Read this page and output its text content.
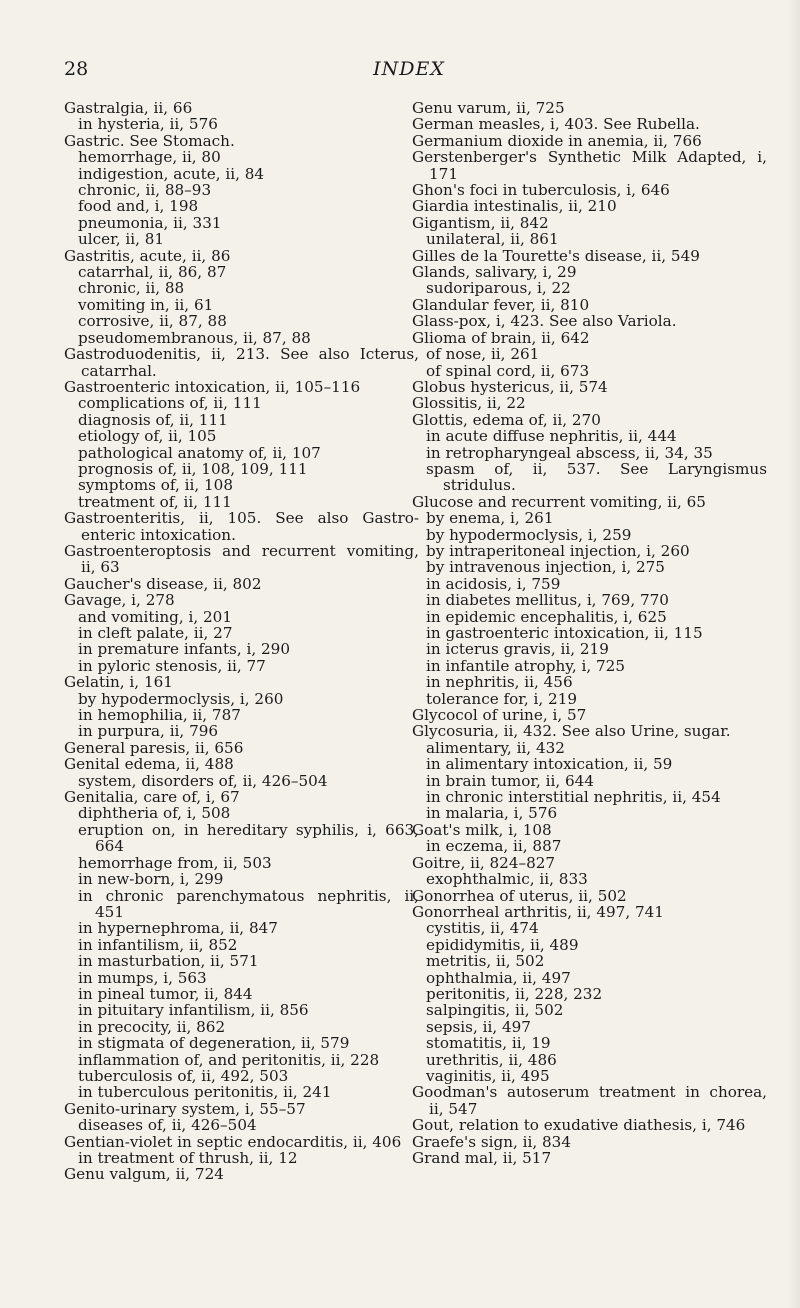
28	INDEX
Gastralgia, ii, 66
in hysteria, ii, 576
Gastric. See Stomach.
hemorrhage, ii, 80
indigestion, acute, ii, 84
chronic, ii, 88–93
food and, i, 198
pneumonia, ii, 331
ulcer, ii, 81
Gastritis, acute, ii, 86
catarrhal, ii, 86, 87
chronic, ii, 88
vomiting in, ii, 61
corrosive, ii, 87, 88
pseudomembranous, ii, 87, 88
Gastroduodenitis, ii, 213. See also Icterus, catarrhal.
Gastroenteric intoxication, ii, 105–116
complications of, ii, 111
diagnosis of, ii, 111
etiology of, ii, 105
pathological anatomy of, ii, 107
prognosis of, ii, 108, 109, 111
symptoms of, ii, 108
treatment of, ii, 111
Gastroenteritis, ii, 105. See also Gastro-enteric intoxication.
Gastroenteroptosis and recurrent vomiting, ii, 63
Gaucher's disease, ii, 802
Gavage, i, 278
and vomiting, i, 201
in cleft palate, ii, 27
in premature infants, i, 290
in pyloric stenosis, ii, 77
Gelatin, i, 161
by hypodermoclysis, i, 260
in hemophilia, ii, 787
in purpura, ii, 796
General paresis, ii, 656
Genital edema, ii, 488
system, disorders of, ii, 426–504
Genitalia, care of, i, 67
diphtheria of, i, 508
eruption on, in hereditary syphilis, i, 663, 664
hemorrhage from, ii, 503
in new-born, i, 299
in chronic parenchymatous nephritis, ii, 451
in hypernephroma, ii, 847
in infantilism, ii, 852
in masturbation, ii, 571
in mumps, i, 563
in pineal tumor, ii, 844
in pituitary infantilism, ii, 856
in precocity, ii, 862
in stigmata of degeneration, ii, 579
inflammation of, and peritonitis, ii, 228
tuberculosis of, ii, 492, 503
in tuberculous peritonitis, ii, 241
Genito-urinary system, i, 55–57
diseases of, ii, 426–504
Gentian-violet in septic endocarditis, ii, 406
in treatment of thrush, ii, 12
Genu valgum, ii, 724
Genu varum, ii, 725
German measles, i, 403. See Rubella.
Germanium dioxide in anemia, ii, 766
Gerstenberger's Synthetic Milk Adapted, i, 171
Ghon's foci in tuberculosis, i, 646
Giardia intestinalis, ii, 210
Gigantism, ii, 842
unilateral, ii, 861
Gilles de la Tourette's disease, ii, 549
Glands, salivary, i, 29
sudoriparous, i, 22
Glandular fever, ii, 810
Glass-pox, i, 423. See also Variola.
Glioma of brain, ii, 642
of nose, ii, 261
of spinal cord, ii, 673
Globus hystericus, ii, 574
Glossitis, ii, 22
Glottis, edema of, ii, 270
in acute diffuse nephritis, ii, 444
in retropharyngeal abscess, ii, 34, 35
spasm of, ii, 537. See Laryngismus stridulus.
Glucose and recurrent vomiting, ii, 65
by enema, i, 261
by hypodermoclysis, i, 259
by intraperitoneal injection, i, 260
by intravenous injection, i, 275
in acidosis, i, 759
in diabetes mellitus, i, 769, 770
in epidemic encephalitis, i, 625
in gastroenteric intoxication, ii, 115
in icterus gravis, ii, 219
in infantile atrophy, i, 725
in nephritis, ii, 456
tolerance for, i, 219
Glycocol of urine, i, 57
Glycosuria, ii, 432. See also Urine, sugar.
alimentary, ii, 432
in alimentary intoxication, ii, 59
in brain tumor, ii, 644
in chronic interstitial nephritis, ii, 454
in malaria, i, 576
Goat's milk, i, 108
in eczema, ii, 887
Goitre, ii, 824–827
exophthalmic, ii, 833
Gonorrhea of uterus, ii, 502
Gonorrheal arthritis, ii, 497, 741
cystitis, ii, 474
epididymitis, ii, 489
metritis, ii, 502
ophthalmia, ii, 497
peritonitis, ii, 228, 232
salpingitis, ii, 502
sepsis, ii, 497
stomatitis, ii, 19
urethritis, ii, 486
vaginitis, ii, 495
Goodman's autoserum treatment in chorea, ii, 547
Gout, relation to exudative diathesis, i, 746
Graefe's sign, ii, 834
Grand mal, ii, 517
